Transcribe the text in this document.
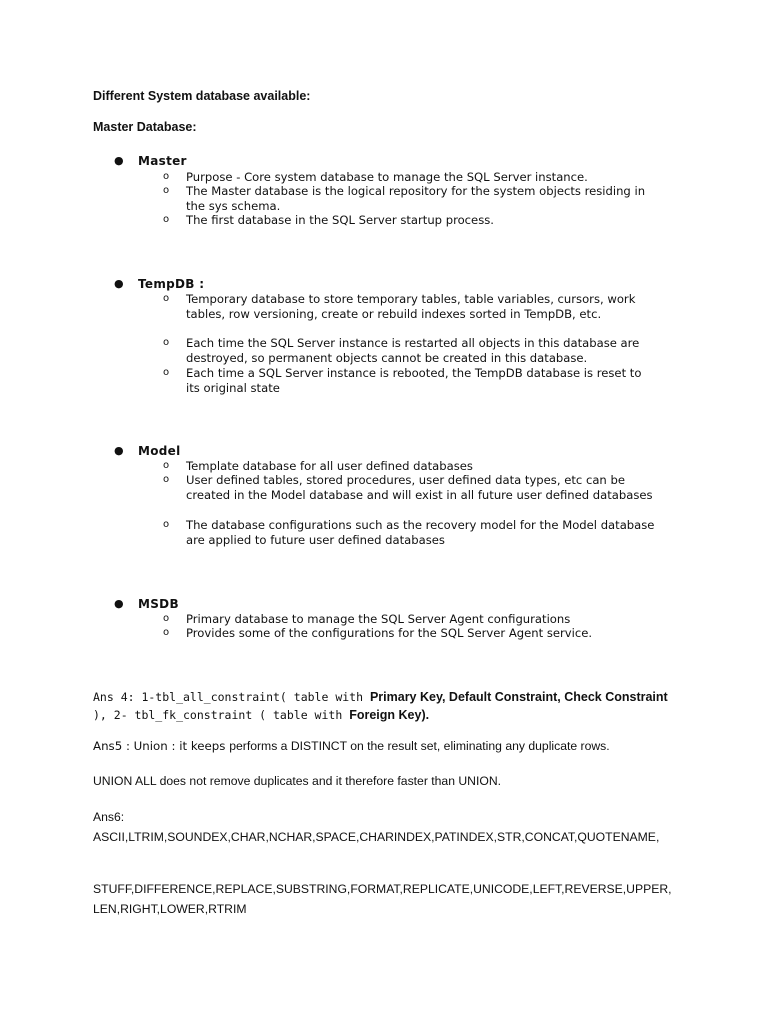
Different System database available:
Master Database:
● Master
o Purpose - Core system database to manage the SQL Server instance.
o The Master database is the logical repository for the system objects residing in the sys schema.
o The first database in the SQL Server startup process.
● TempDB :
o Temporary database to store temporary tables, table variables, cursors, work tables, row versioning, create or rebuild indexes sorted in TempDB, etc.
o Each time the SQL Server instance is restarted all objects in this database are destroyed, so permanent objects cannot be created in this database.
o Each time a SQL Server instance is rebooted, the TempDB database is reset to its original state
● Model
o Template database for all user defined databases
o User defined tables, stored procedures, user defined data types, etc can be created in the Model database and will exist in all future user defined databases
o The database configurations such as the recovery model for the Model database are applied to future user defined databases
● MSDB
o Primary database to manage the SQL Server Agent configurations
o Provides some of the configurations for the SQL Server Agent service.
Ans 4: 1-tbl_all_constraint( table with Primary Key, Default Constraint, Check Constraint ), 2- tbl_fk_constraint ( table with Foreign Key).
Ans5 : Union : it keeps performs a DISTINCT on the result set, eliminating any duplicate rows.
UNION ALL does not remove duplicates and it therefore faster than UNION.
Ans6:
ASCII,LTRIM,SOUNDEX,CHAR,NCHAR,SPACE,CHARINDEX,PATINDEX,STR,CONCAT,QUOTENAME,
STUFF,DIFFERENCE,REPLACE,SUBSTRING,FORMAT,REPLICATE,UNICODE,LEFT,REVERSE,UPPER,LEN,RIGHT,LOWER,RTRIM
